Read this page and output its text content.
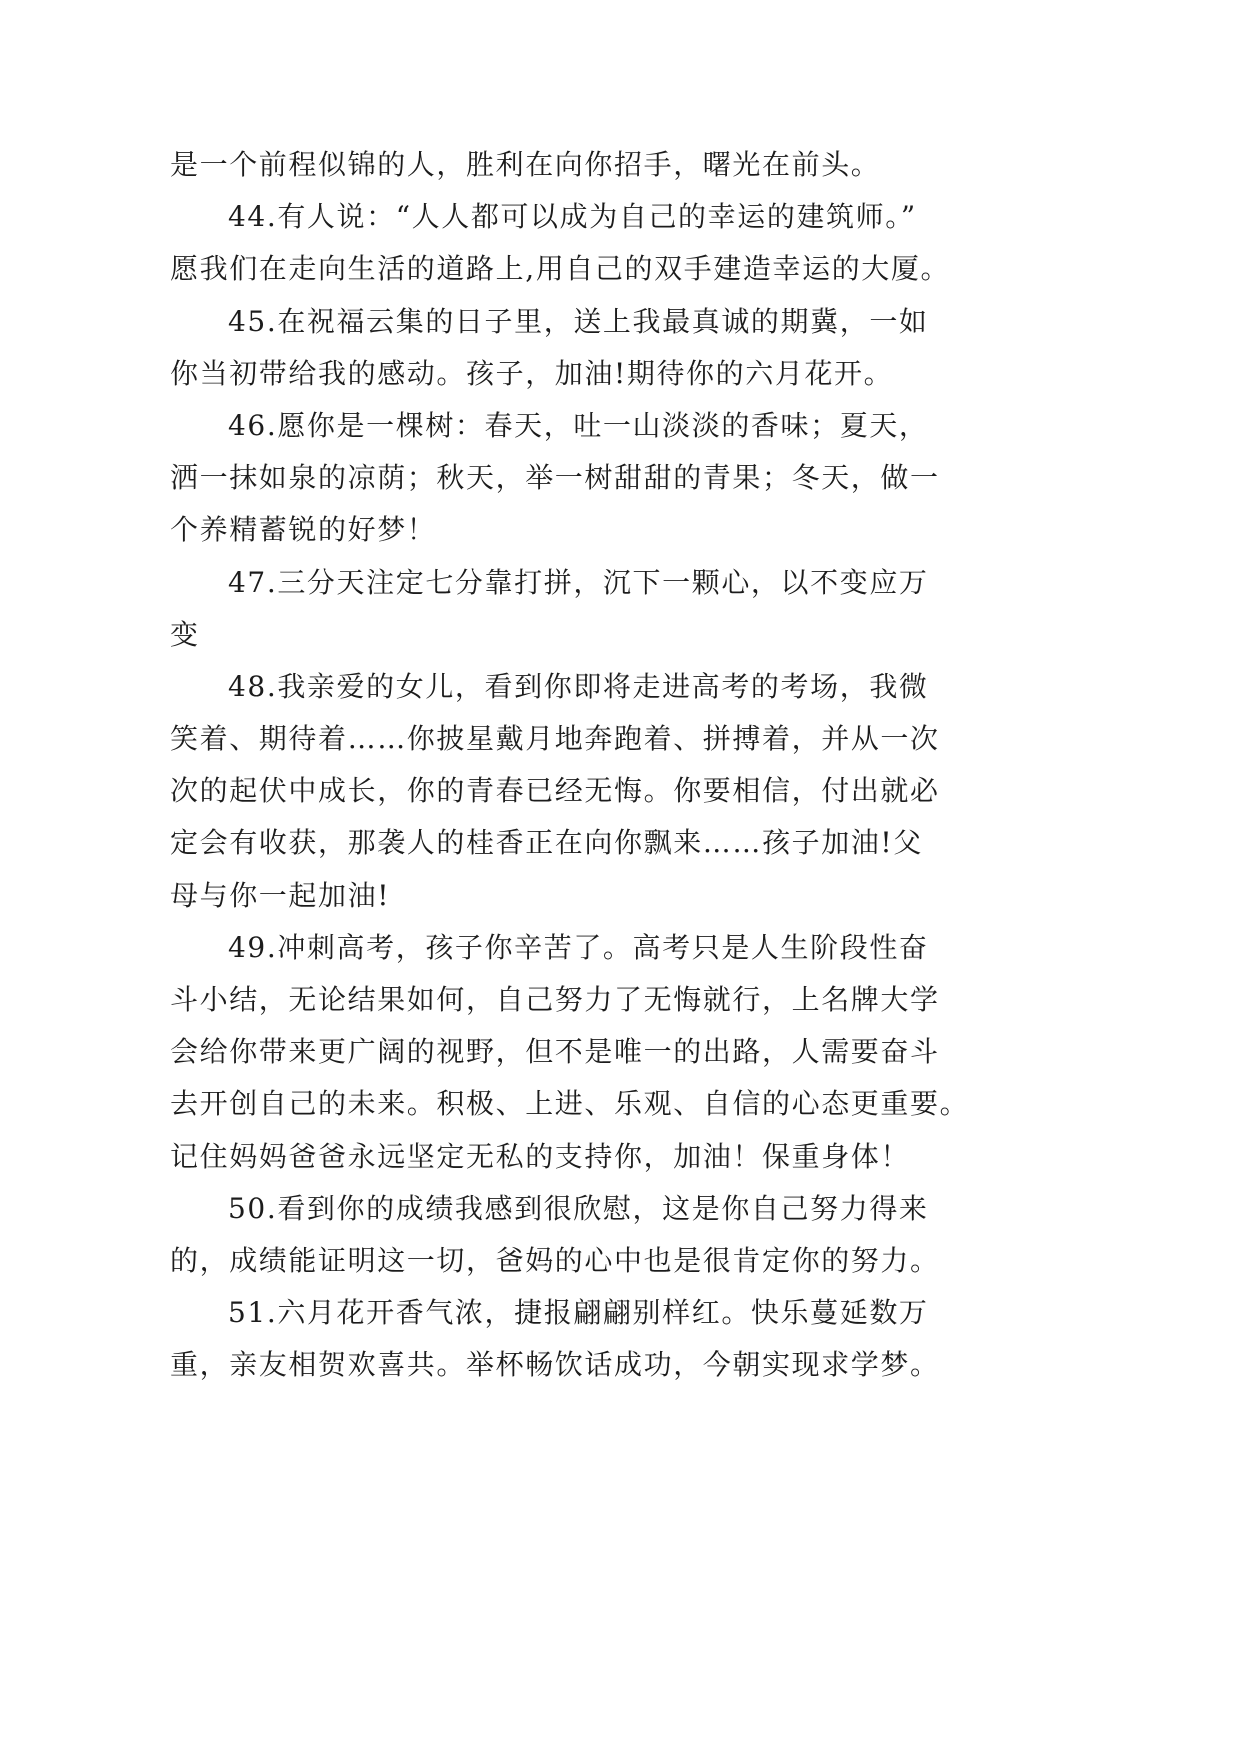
是一个前程似锦的人，胜利在向你招手，曙光在前头。
44.有人说：“人人都可以成为自己的幸运的建筑师。”
愿我们在走向生活的道路上,用自己的双手建造幸运的大厦。
45.在祝福云集的日子里，送上我最真诚的期冀，一如
你当初带给我的感动。孩子，加油!期待你的六月花开。
46.愿你是一棵树：春天，吐一山淡淡的香味；夏天，
洒一抹如泉的凉荫；秋天，举一树甜甜的青果；冬天，做一
个养精蓄锐的好梦！
47.三分天注定七分靠打拼，沉下一颗心，以不变应万
变
48.我亲爱的女儿，看到你即将走进高考的考场，我微
笑着、期待着……你披星戴月地奔跑着、拼搏着，并从一次
次的起伏中成长，你的青春已经无悔。你要相信，付出就必
定会有收获，那袭人的桂香正在向你飘来……孩子加油!父
母与你一起加油!
49.冲刺高考，孩子你辛苦了。高考只是人生阶段性奋
斗小结，无论结果如何，自己努力了无悔就行，上名牌大学
会给你带来更广阔的视野，但不是唯一的出路，人需要奋斗
去开创自己的未来。积极、上进、乐观、自信的心态更重要。
记住妈妈爸爸永远坚定无私的支持你，加油！保重身体！
50.看到你的成绩我感到很欣慰，这是你自己努力得来
的，成绩能证明这一切，爸妈的心中也是很肯定你的努力。
51.六月花开香气浓，捷报翩翩别样红。快乐蔓延数万
重，亲友相贺欢喜共。举杯畅饮话成功，今朝实现求学梦。
